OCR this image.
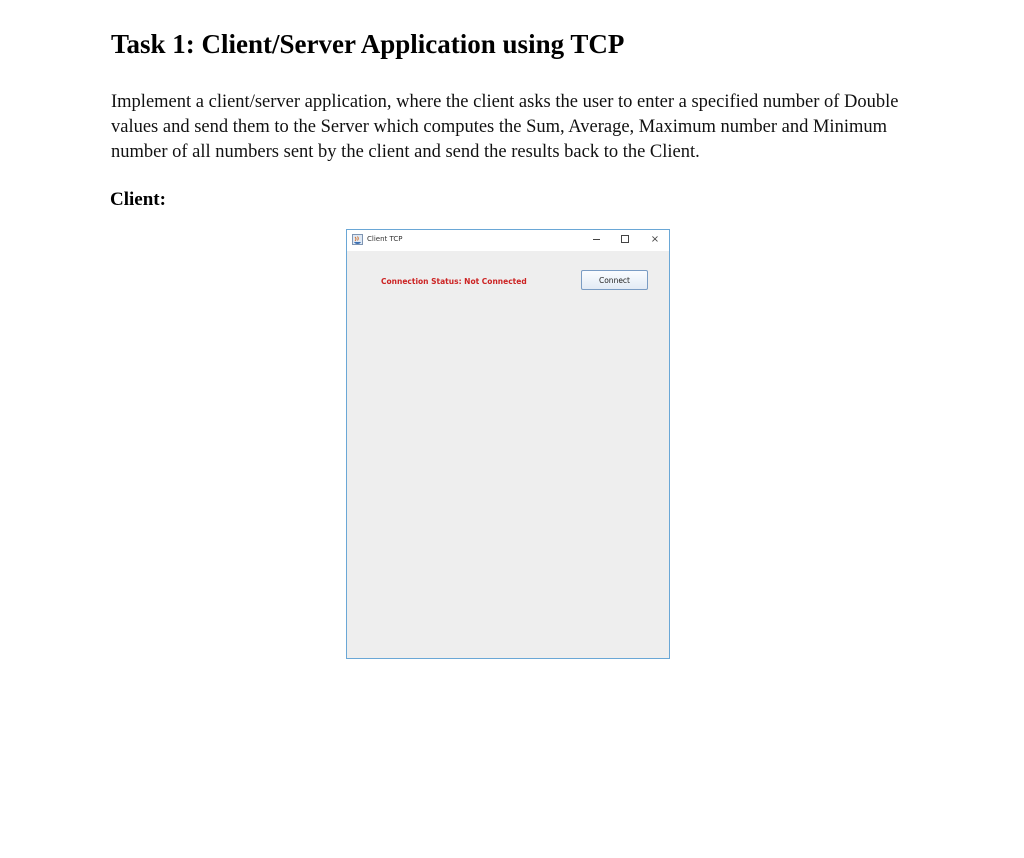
Task 1: Client/Server Application using TCP

Implement a client/server application, where the client asks the user to enter a specified number of Double values and send them to the Server which computes the Sum, Average, Maximum number and Minimum number of all numbers sent by the client and send the results back to the Client.

Client:
Client TCP	×
Connection Status: Not Connected	Connect
